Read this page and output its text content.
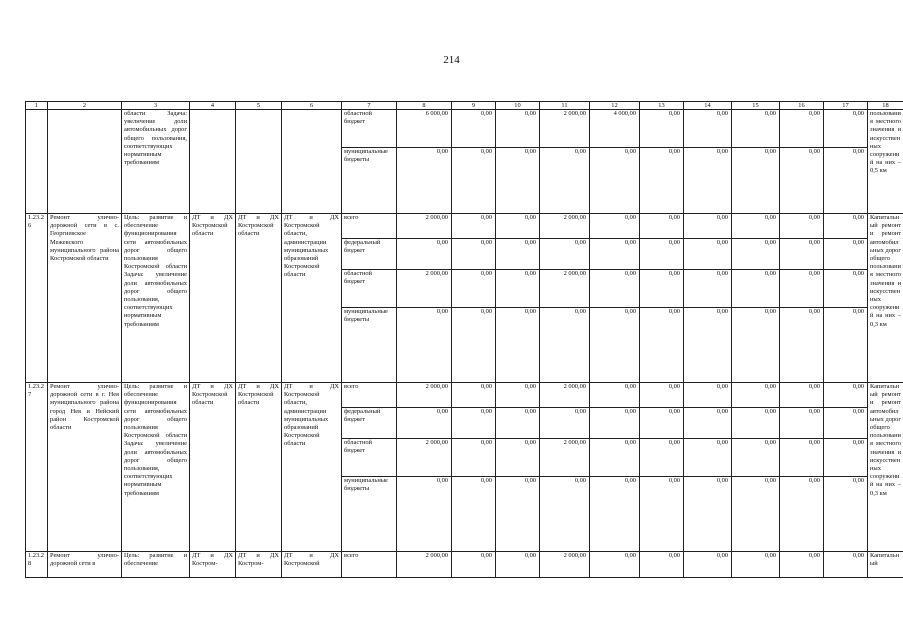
214
1	2	3	4	5	6	7	8	9	10	11	12	13	14	15	16	17	18
		области Задача: увеличение доли автомобильных дорог общего пользования, соответствующих нормативным требованиям				областной бюджет	6 000,00	0,00	0,00	2 000,00	4 000,00	0,00	0,00	0,00	0,00	0,00	пользования местного значения и искусственных сооружений на них – 0,5 км
						муниципальные бюджеты	0,00	0,00	0,00	0,00	0,00	0,00	0,00	0,00	0,00	0,00	
1.23.26	Ремонт улично-дорожной сети в с. Георгиевское Межевского муниципального района Костромской области	Цель: развитие и обеспечение функционирования сети автомобильных дорог общего пользования Костромской области Задача: увеличение доли автомобильных дорог общего пользования, соответствующих нормативным требованиям	ДТ и ДХ Костромской области	ДТ и ДХ Костромской области	ДТ и ДХ Костромской области, администрации муниципальных образований Костромской области	всего	2 000,00	0,00	0,00	2 000,00	0,00	0,00	0,00	0,00	0,00	0,00	Капитальный ремонт и ремонт автомобильных дорог общего пользования местного значения и искусственных сооружений на них – 0,3 км
						федеральный бюджет	0,00	0,00	0,00	0,00	0,00	0,00	0,00	0,00	0,00	0,00	
						областной бюджет	2 000,00	0,00	0,00	2 000,00	0,00	0,00	0,00	0,00	0,00	0,00	
						муниципальные бюджеты	0,00	0,00	0,00	0,00	0,00	0,00	0,00	0,00	0,00	0,00	
1.23.27	Ремонт улично-дорожной сети в г. Нея муниципального района город Нея и Нейский район Костромской области	Цель: развитие и обеспечение функционирования сети автомобильных дорог общего пользования Костромской области Задача: увеличение доли автомобильных дорог общего пользования, соответствующих нормативным требованиям	ДТ и ДХ Костромской области	ДТ и ДХ Костромской области	ДТ и ДХ Костромской области, администрации муниципальных образований Костромской области	всего	2 000,00	0,00	0,00	2 000,00	0,00	0,00	0,00	0,00	0,00	0,00	Капитальный ремонт и ремонт автомобильных дорог общего пользования местного значения и искусственных сооружений на них – 0,3 км
						федеральный бюджет	0,00	0,00	0,00	0,00	0,00	0,00	0,00	0,00	0,00	0,00	
						областной бюджет	2 000,00	0,00	0,00	2 000,00	0,00	0,00	0,00	0,00	0,00	0,00	
						муниципальные бюджеты	0,00	0,00	0,00	0,00	0,00	0,00	0,00	0,00	0,00	0,00	
1.23.28	Ремонт улично-дорожной сети в	Цель: развитие и обеспечение	ДТ и ДХ Костром-	ДТ и ДХ Костром-	ДТ и ДХ Костромской	всего	2 000,00	0,00	0,00	2 000,00	0,00	0,00	0,00	0,00	0,00	0,00	Капитальный
